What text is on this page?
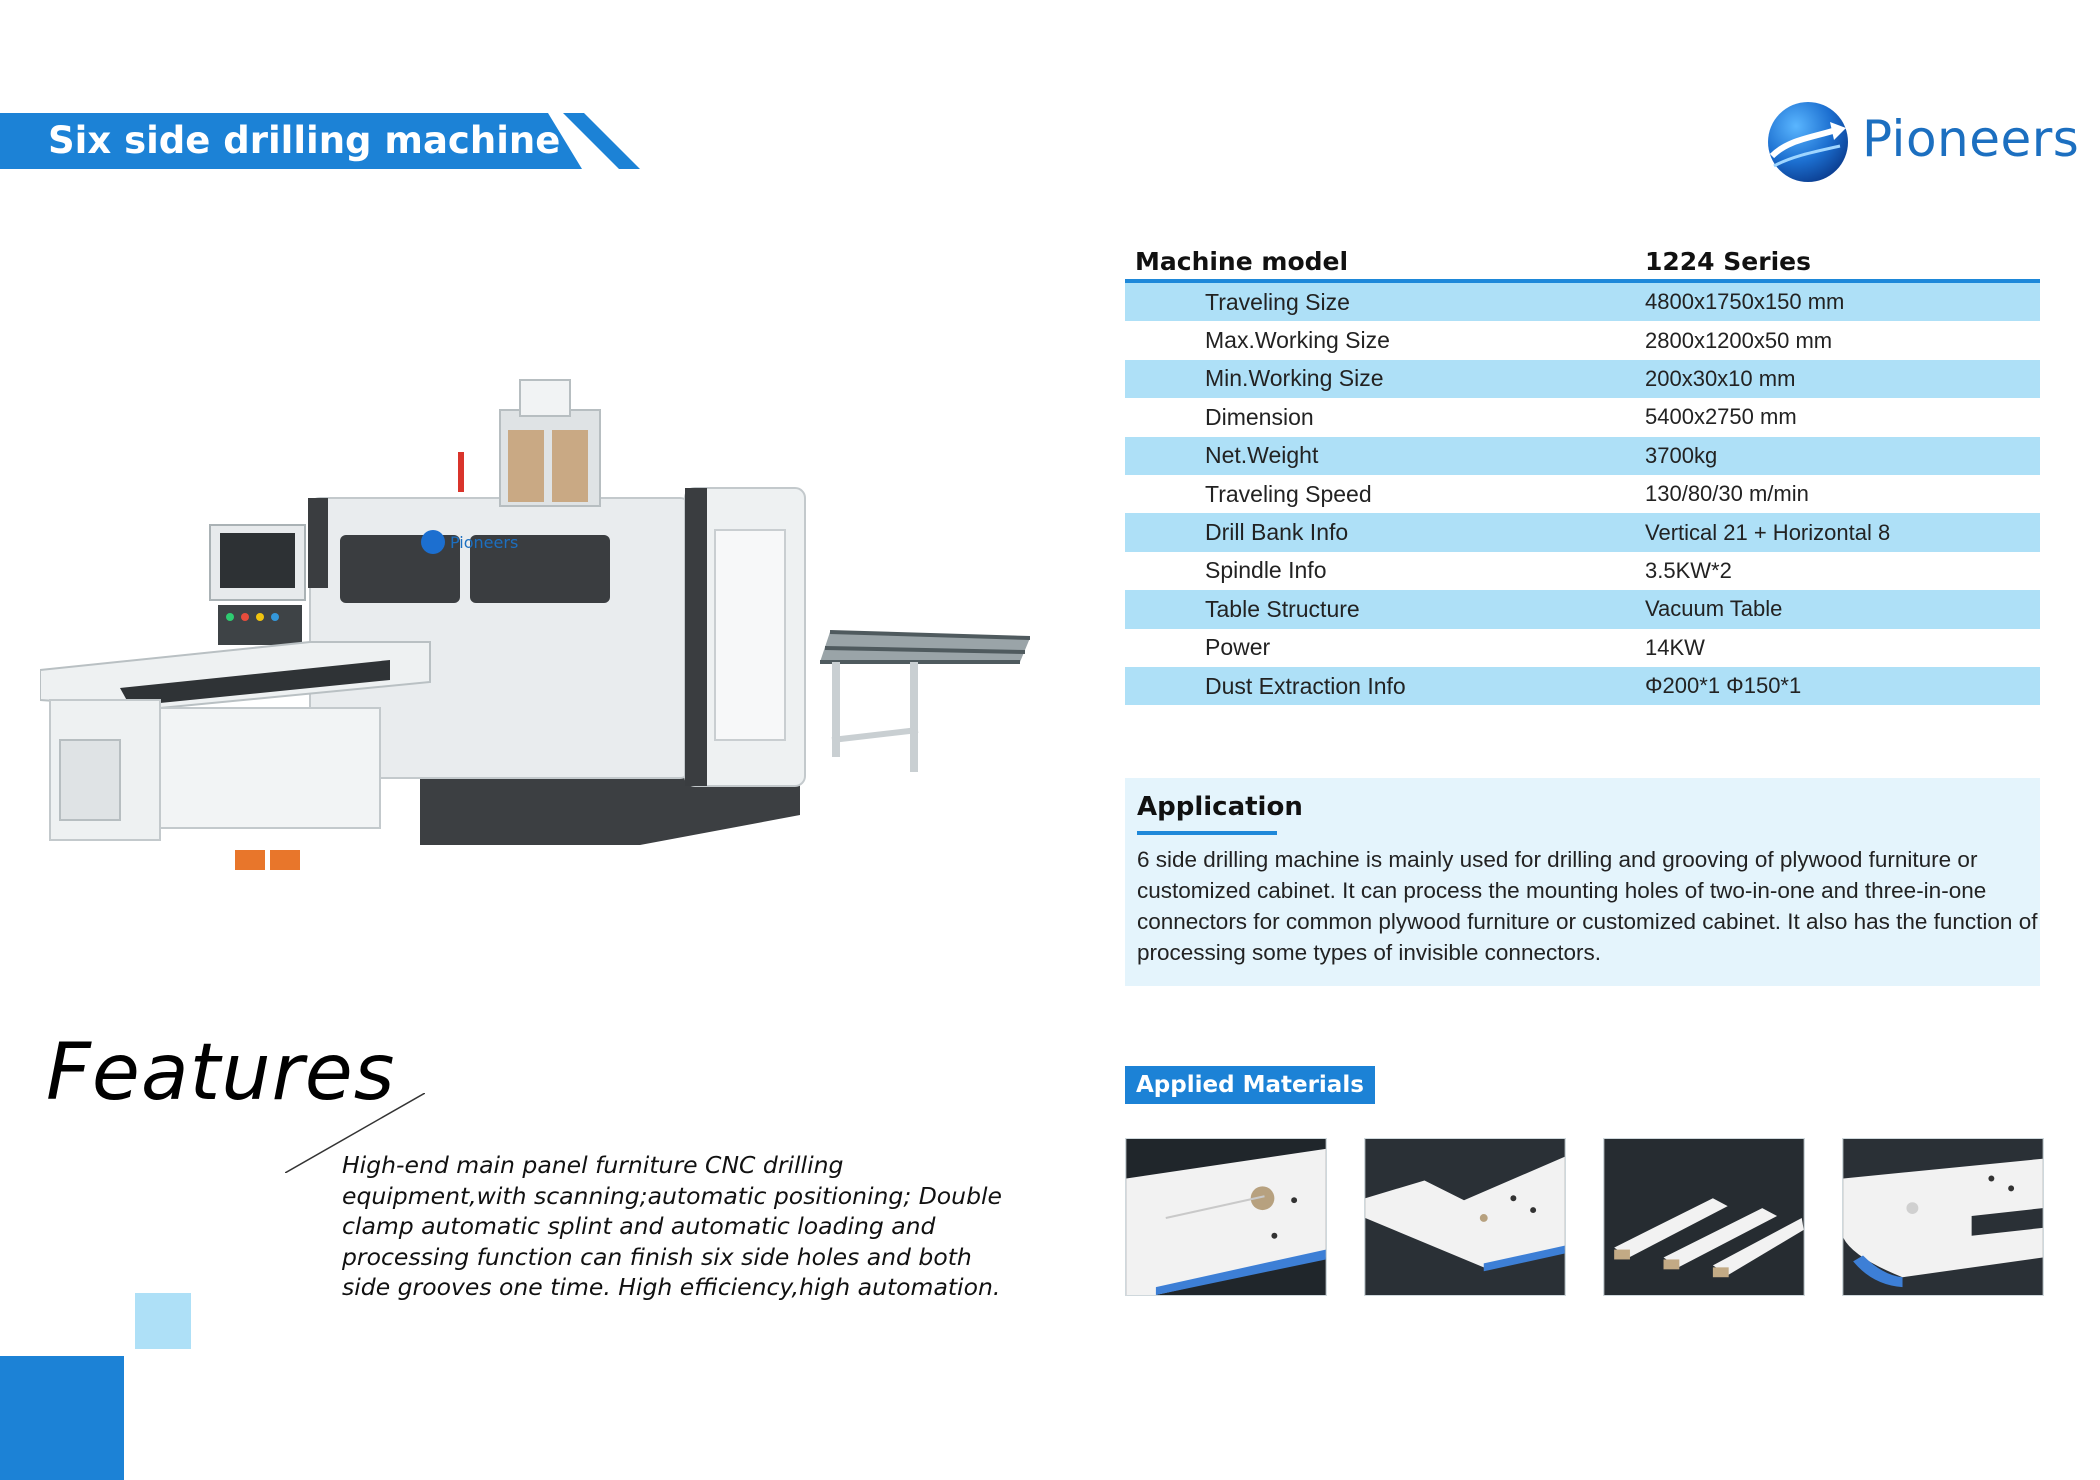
Six side drilling machine	Pioneers
Pioneers
Machine model	1224 Series
Traveling Size	4800x1750x150 mm
Max.Working Size	2800x1200x50 mm
Min.Working Size	200x30x10 mm
Dimension	5400x2750 mm
Net.Weight	3700kg
Traveling Speed	130/80/30 m/min
Drill Bank Info	Vertical 21 + Horizontal 8
Spindle Info	3.5KW*2
Table Structure	Vacuum Table
Power	14KW
Dust Extraction Info	Φ200*1 Φ150*1
Application
6 side drilling machine is mainly used for drilling and grooving of plywood furniture or customized cabinet. It can process the mounting holes of two-in-one and three-in-one connectors for common plywood furniture or customized cabinet. It also has the function of processing some types of invisible connectors.
Features
High-end main panel furniture CNC drilling equipment,with scanning;automatic positioning; Double clamp automatic splint and automatic loading and processing function can finish six side holes and both side grooves one time. High efficiency,high automation.
Applied Materials
